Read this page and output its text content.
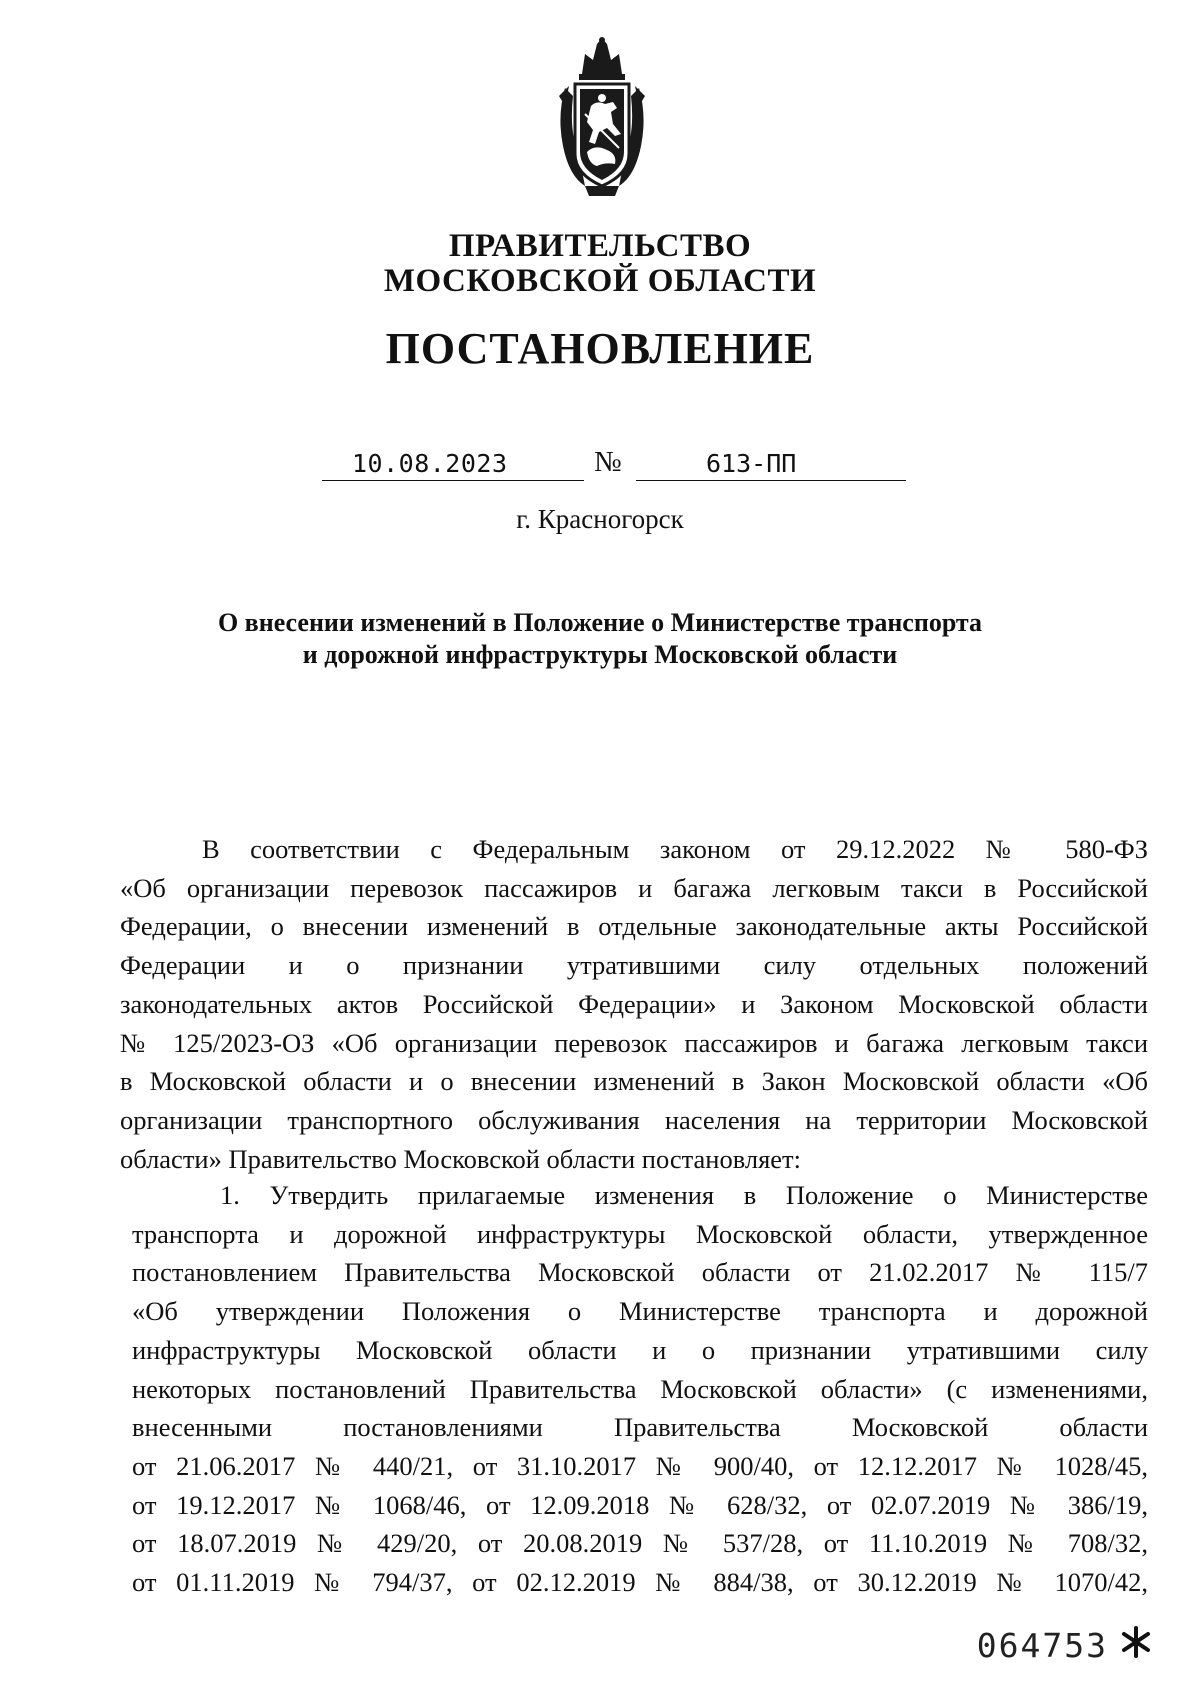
ПРАВИТЕЛЬСТВО
МОСКОВСКОЙ ОБЛАСТИ
ПОСТАНОВЛЕНИЕ
10.08.2023	№	613-ПП
г. Красногорск
О внесении изменений в Положение о Министерстве транспорта
и дорожной инфраструктуры Московской области
В соответствии с Федеральным законом от 29.12.2022 № 580-ФЗ
«Об организации перевозок пассажиров и багажа легковым такси в Российской
Федерации, о внесении изменений в отдельные законодательные акты Российской
Федерации и о признании утратившими силу отдельных положений
законодательных актов Российской Федерации» и Законом Московской области
№ 125/2023-ОЗ «Об организации перевозок пассажиров и багажа легковым такси
в Московской области и о внесении изменений в Закон Московской области «Об
организации транспортного обслуживания населения на территории Московской
области» Правительство Московской области постановляет:
1. Утвердить прилагаемые изменения в Положение о Министерстве
транспорта и дорожной инфраструктуры Московской области, утвержденное
постановлением Правительства Московской области от 21.02.2017 № 115/7
«Об утверждении Положения о Министерстве транспорта и дорожной
инфраструктуры Московской области и о признании утратившими силу
некоторых постановлений Правительства Московской области» (с изменениями,
внесенными постановлениями Правительства Московской области
от 21.06.2017 № 440/21, от 31.10.2017 № 900/40, от 12.12.2017 № 1028/45,
от 19.12.2017 № 1068/46, от 12.09.2018 № 628/32, от 02.07.2019 № 386/19,
от 18.07.2019 № 429/20, от 20.08.2019 № 537/28, от 11.10.2019 № 708/32,
от 01.11.2019 № 794/37, от 02.12.2019 № 884/38, от 30.12.2019 № 1070/42,
064753
